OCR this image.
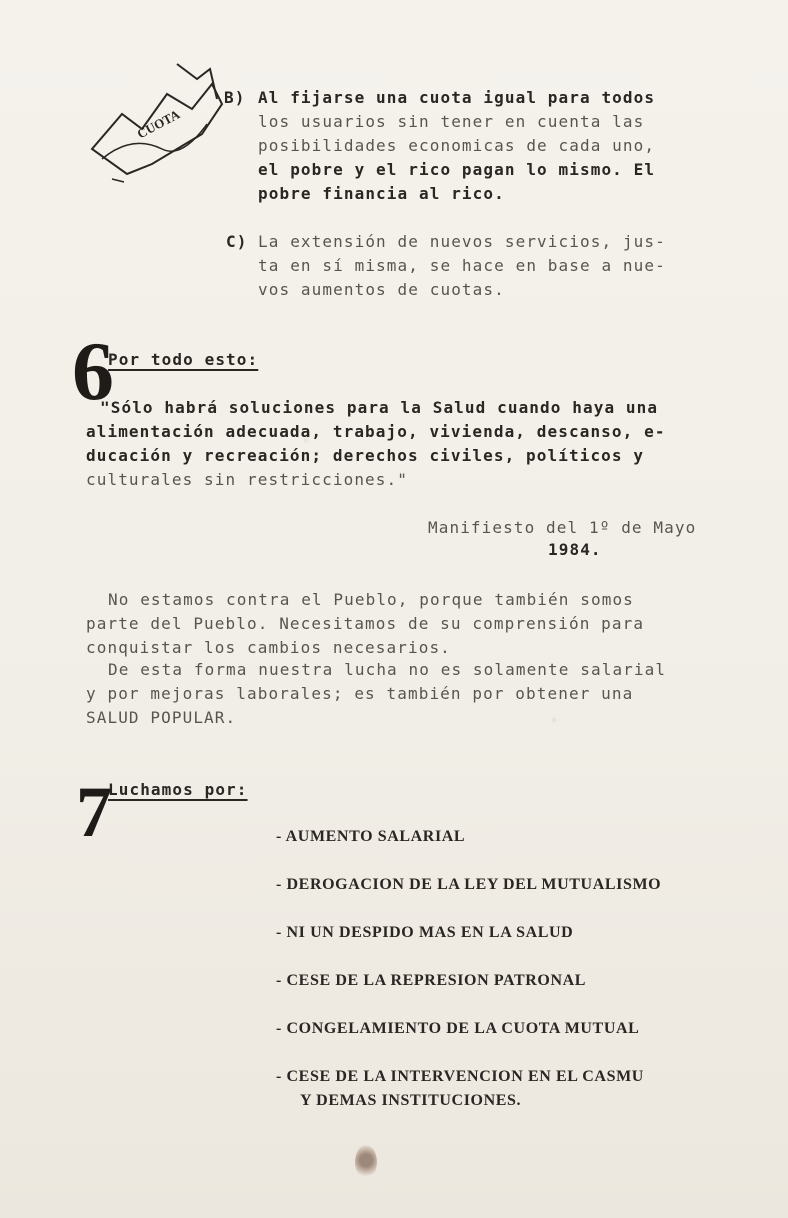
CUOTA
B) Al fijarse una cuota igual para todos
los usuarios sin tener en cuenta las
posibilidades economicas de cada uno,
el pobre y el rico pagan lo mismo. El
pobre financia al rico.
C) La extensión de nuevos servicios, jus-
ta en sí misma, se hace en base a nue-
vos aumentos de cuotas.
6
Por todo esto:
"Sólo habrá soluciones para la Salud cuando haya una
alimentación adecuada, trabajo, vivienda, descanso, e-
ducación y recreación; derechos civiles, políticos y
culturales sin restricciones."
Manifiesto del 1º de Mayo
1984.
No estamos contra el Pueblo, porque también somos
parte del Pueblo. Necesitamos de su comprensión para
conquistar los cambios necesarios.
De esta forma nuestra lucha no es solamente salarial
y por mejoras laborales; es también por obtener una
SALUD POPULAR.
7
Luchamos por:
- AUMENTO SALARIAL
- DEROGACION DE LA LEY DEL MUTUALISMO
- NI UN DESPIDO MAS EN LA SALUD
- CESE DE LA REPRESION PATRONAL
- CONGELAMIENTO DE LA CUOTA MUTUAL
- CESE DE LA INTERVENCION EN EL CASMU
Y DEMAS INSTITUCIONES.
